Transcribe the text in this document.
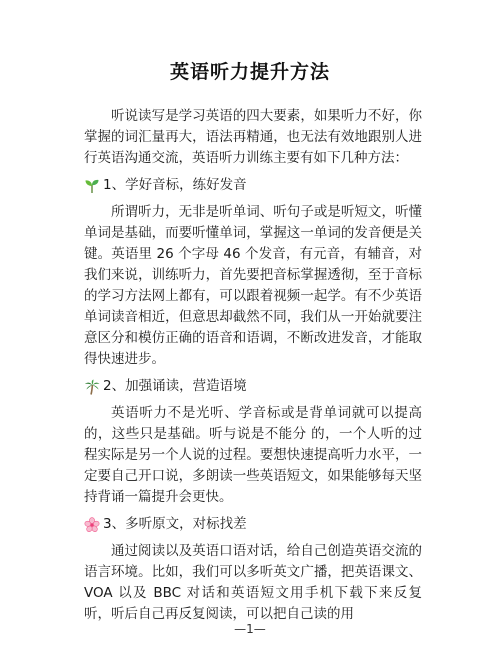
英语听力提升方法

听说读写是学习英语的四大要素，如果听力不好，你掌握的词汇量再大，语法再精通，也无法有效地跟别人进行英语沟通交流，英语听力训练主要有如下几种方法：

1、学好音标，练好发音

所谓听力，无非是听单词、听句子或是听短文，听懂单词是基础，而要听懂单词，掌握这一单词的发音便是关键。英语里 26 个字母 46 个发音，有元音，有辅音，对我们来说，训练听力，首先要把音标掌握透彻，至于音标的学习方法网上都有，可以跟着视频一起学。有不少英语单词读音相近，但意思却截然不同，我们从一开始就要注意区分和模仿正确的语音和语调，不断改进发音，才能取得快速进步。

2、加强诵读，营造语境

英语听力不是光听、学音标或是背单词就可以提高的，这些只是基础。听与说是不能分 的，一个人听的过程实际是另一个人说的过程。要想快速提高听力水平，一定要自己开口说，多朗读一些英语短文，如果能够每天坚持背诵一篇提升会更快。

3、多听原文，对标找差

通过阅读以及英语口语对话，给自己创造英语交流的语言环境。比如，我们可以多听英文广播，把英语课文、VOA 以及 BBC 对话和英语短文用手机下载下来反复听，听后自己再反复阅读，可以把自己读的用

—1—
